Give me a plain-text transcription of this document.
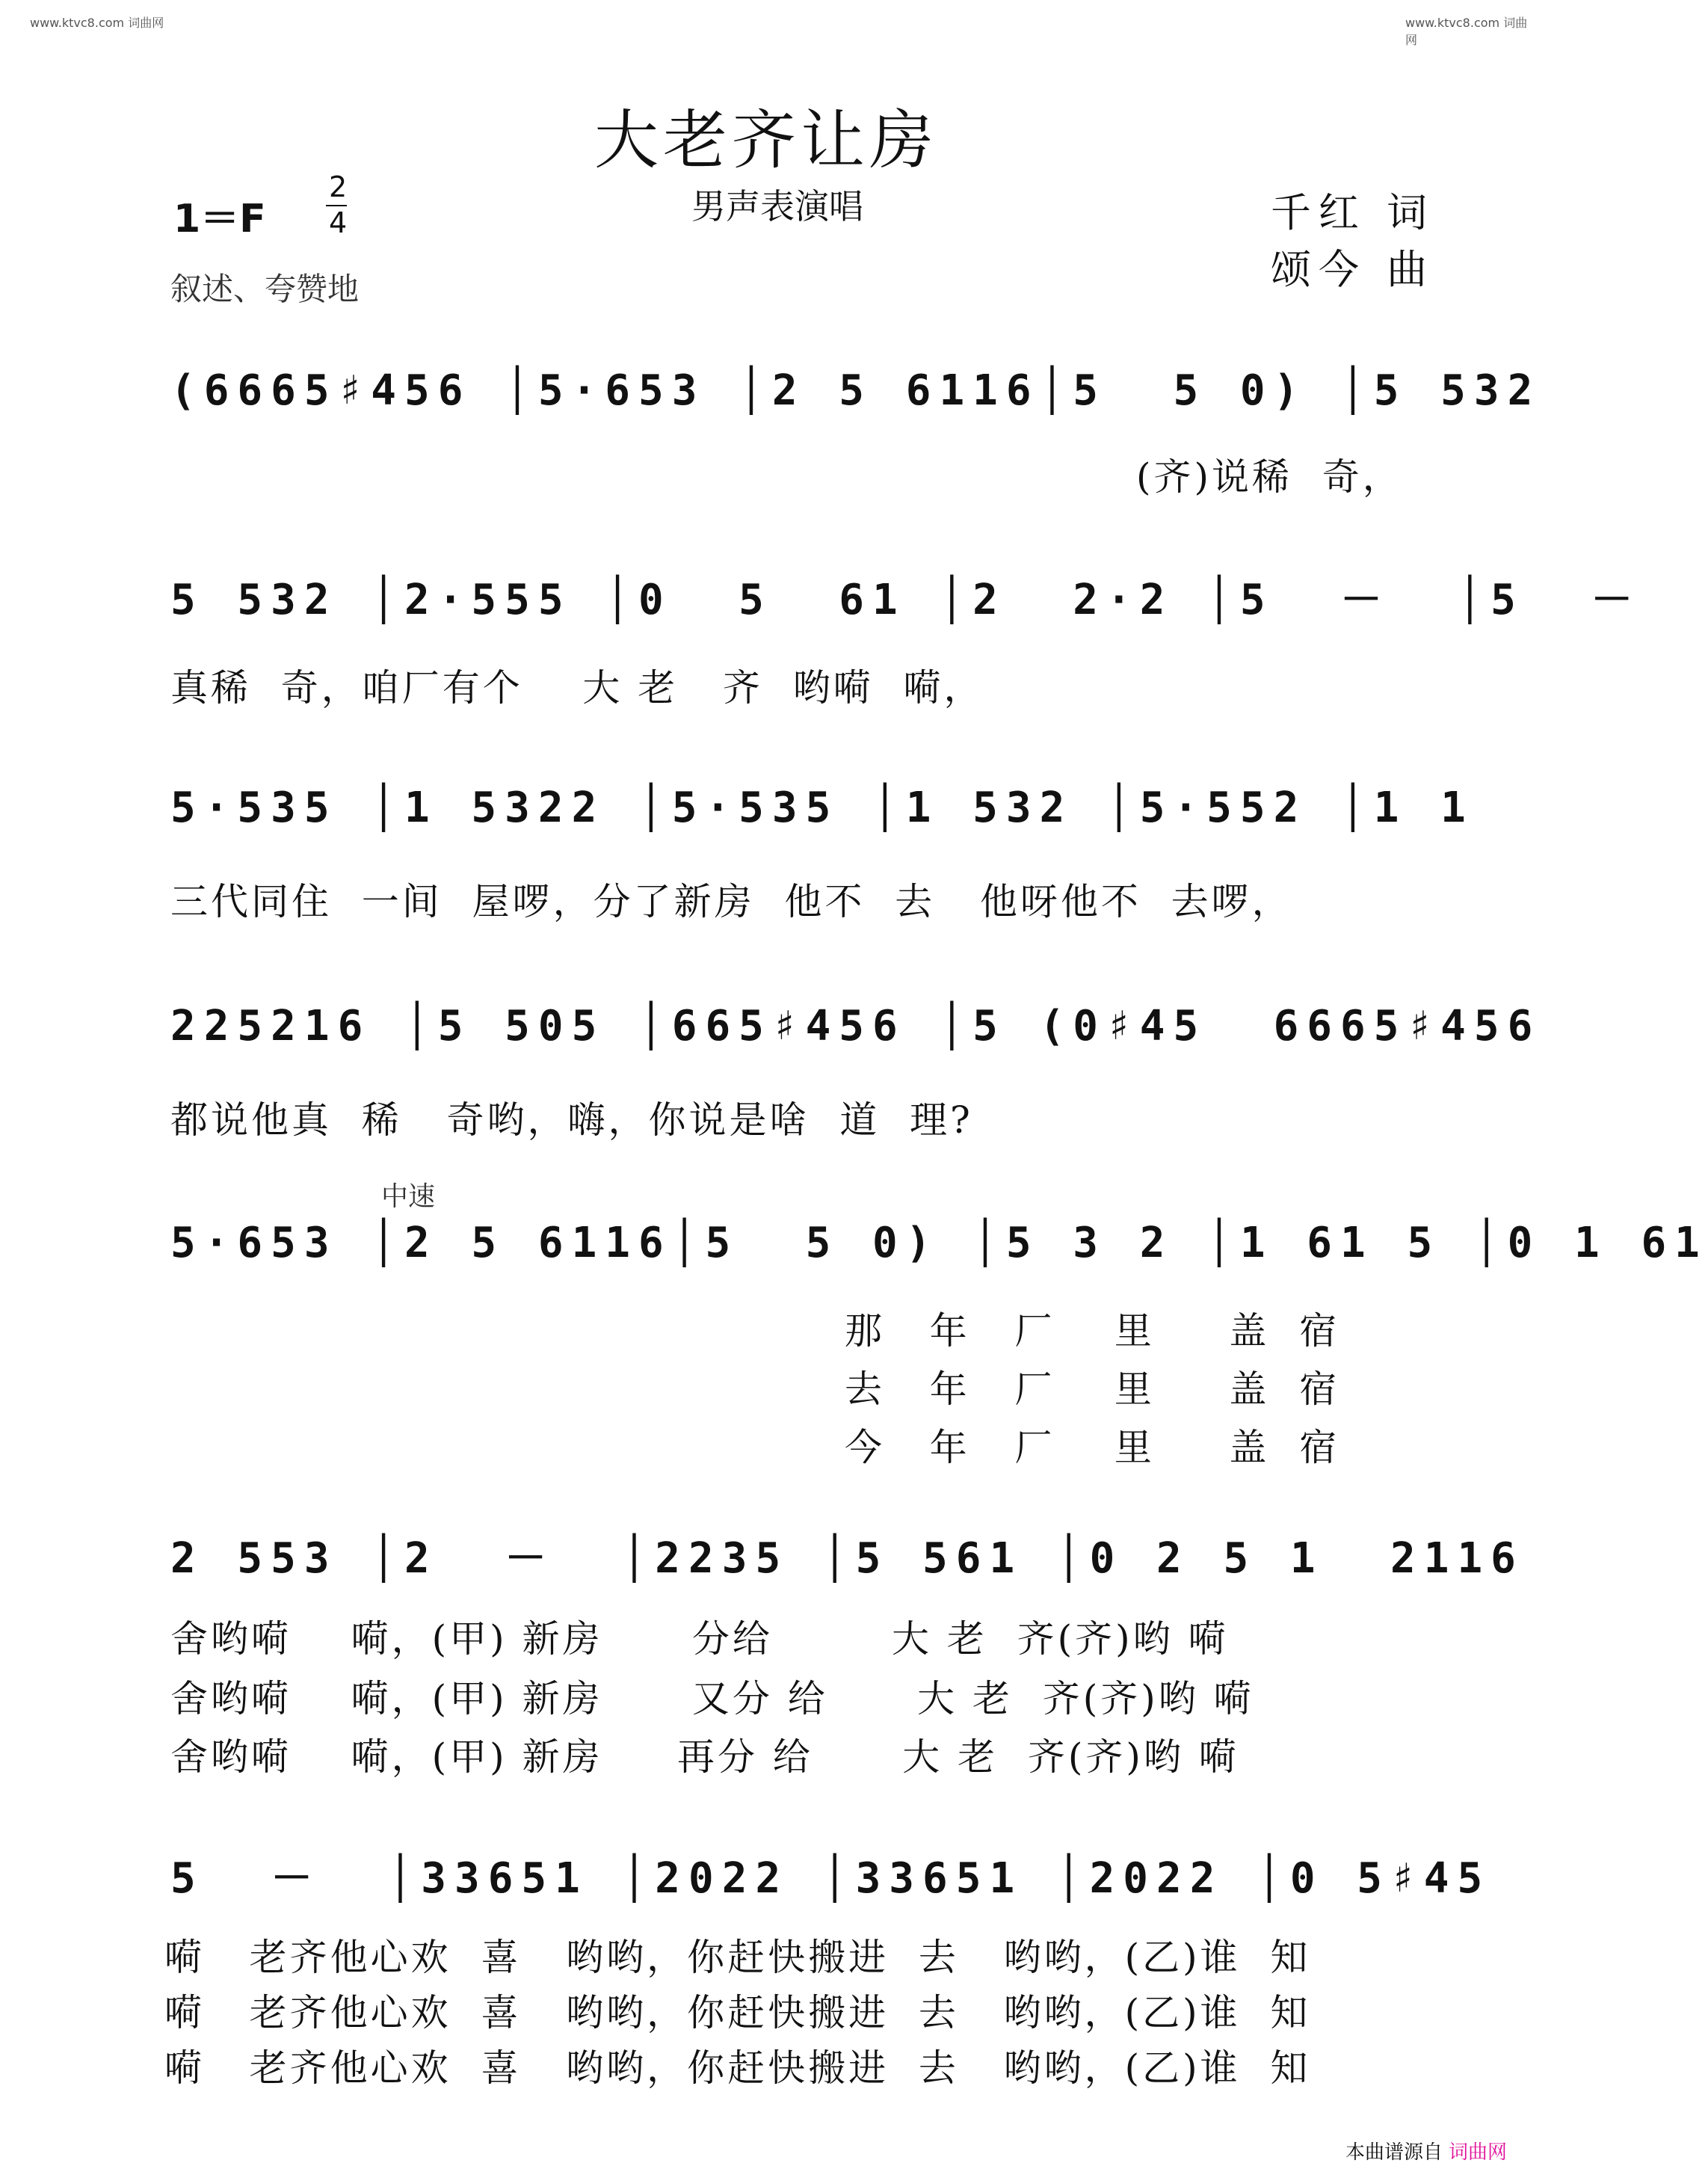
www.ktvc8.com 词曲网	www.ktvc8.com 词曲网
大老齐让房
男声表演唱
1＝F
2
4	千红 词
颂今 曲
叙述、夸赞地
中速
(6665♯456 │5·653 │2 5 6116│5  5 0) │5 532
(齐)说稀  奇，
5 532 │2·555 │0  5  61 │2  2·2 │5  －  │5  －
真稀  奇，咱厂有个    大 老   齐  哟嗬  嗬，
5·535 │1 5322 │5·535 │1 532 │5·552 │1 1
三代同住  一间  屋啰，分了新房  他不  去   他呀他不  去啰，
225216 │5 505 │665♯456 │5 (0♯45  6665♯456
都说他真  稀   奇哟，嗨，你说是啥  道  理?
5·653 │2 5 6116│5  5 0) │5 3 2 │1 61 5 │0 1 61
那   年   厂    里     盖  宿
去   年   厂    里     盖  宿
今   年   厂    里     盖  宿
2 553 │2  －  │2235 │5 561 │0 2 5 1  2116
舍哟嗬    嗬，(甲) 新房      分给        大 老  齐(齐)哟 嗬
舍哟嗬    嗬，(甲) 新房      又分 给      大 老  齐(齐)哟 嗬
舍哟嗬    嗬，(甲) 新房     再分 给      大 老  齐(齐)哟 嗬
5  －  │33651 │2022 │33651 │2022 │0 5♯45
嗬   老齐他心欢  喜   哟哟，你赶快搬进  去   哟哟，(乙)谁  知
嗬   老齐他心欢  喜   哟哟，你赶快搬进  去   哟哟，(乙)谁  知
嗬   老齐他心欢  喜   哟哟，你赶快搬进  去   哟哟，(乙)谁  知
本曲谱源自 词曲网
